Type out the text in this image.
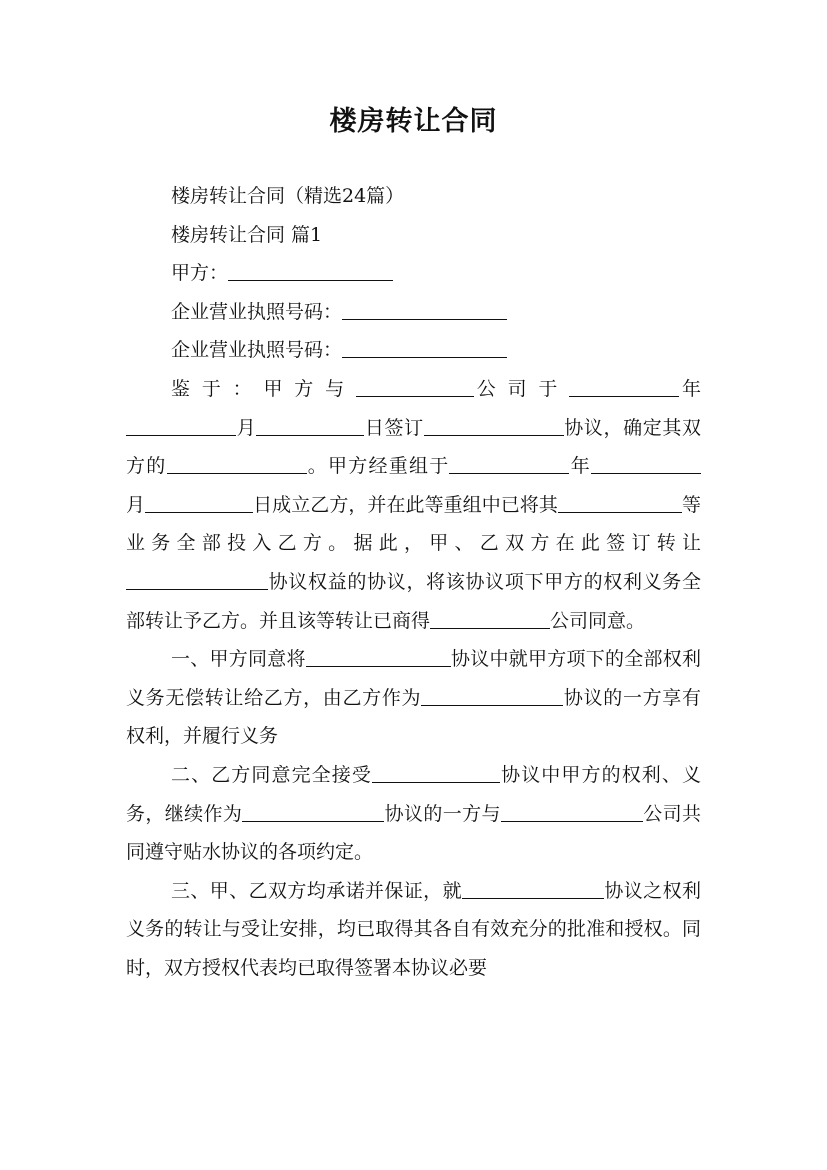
楼房转让合同

楼房转让合同（精选24篇）

楼房转让合同 篇1

甲方：

企业营业执照号码：

企业营业执照号码：

鉴于：甲方与	公司于	年月	日签订	协议，确定其双方的	。甲方经重组于	年月	日成立乙方，并在此等重组中已将其	等业务全部投入乙方。据此，甲、乙双方在此签订转让协议权益的协议，将该协议项下甲方的权利义务全部转让予乙方。并且该等转让已商得	公司同意。

一、甲方同意将	协议中就甲方项下的全部权利义务无偿转让给乙方，由乙方作为	协议的一方享有权利，并履行义务

二、乙方同意完全接受	协议中甲方的权利、义务，继续作为	协议的一方与	公司共同遵守贴水协议的各项约定。

三、甲、乙双方均承诺并保证，就	协议之权利义务的转让与受让安排，均已取得其各自有效充分的批准和授权。同时，双方授权代表均已取得签署本协议必要
